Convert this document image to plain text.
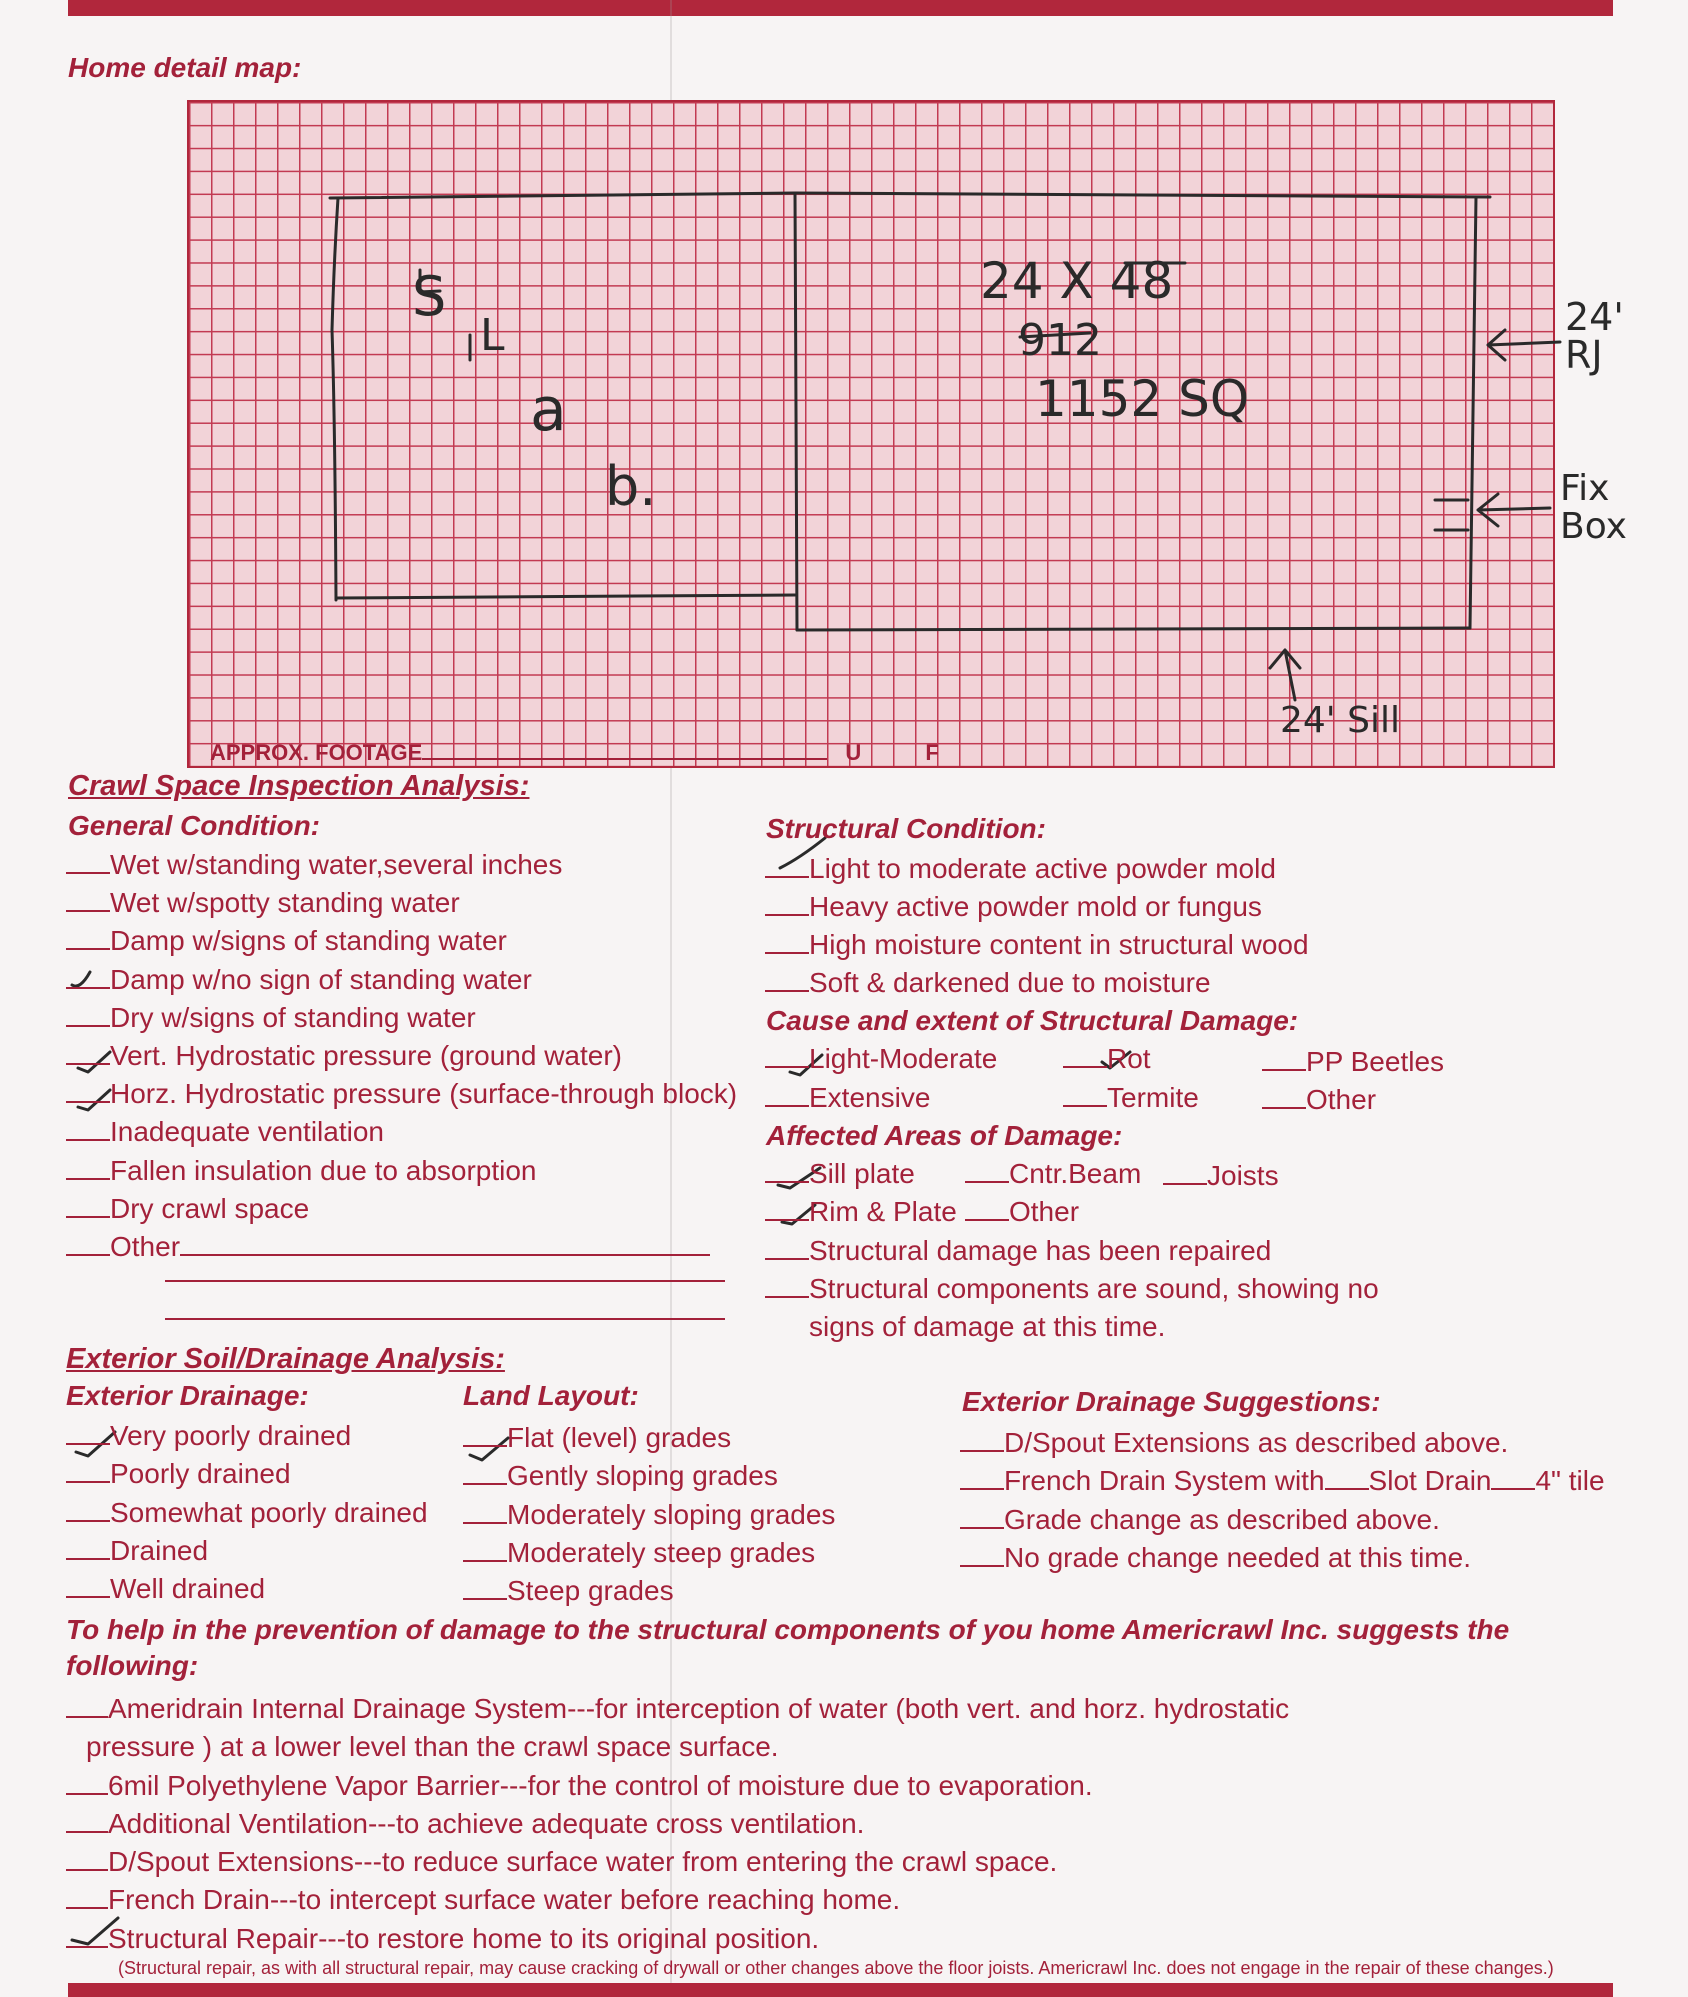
Home detail map:
24 X 48
912
1152 SQ
24' RJ
Fix Box
24' Sill
S
L
a
b.
APPROX. FOOTAGE	U	F
Crawl Space Inspection Analysis:
General Condition:
Wet w/standing water,several inches
Wet w/spotty standing water
Damp w/signs of standing water
Damp w/no sign of standing water
Dry w/signs of standing water
Vert. Hydrostatic pressure (ground water)
Horz. Hydrostatic pressure (surface-through block)
Inadequate ventilation
Fallen insulation due to absorption
Dry crawl space
Other
Structural Condition:
Light to moderate active powder mold
Heavy active powder mold or fungus
High moisture content in structural wood
Soft & darkened due to moisture
Cause and extent of Structural Damage:
Light-Moderate	Rot	PP Beetles
Extensive	Termite	Other
Affected Areas of Damage:
Sill plate	Cntr.Beam	Joists
Rim & Plate	Other
Structural damage has been repaired
Structural components are sound, showing no
signs of damage at this time.
Exterior Soil/Drainage Analysis:
Exterior Drainage:
Very poorly drained
Poorly drained
Somewhat poorly drained
Drained
Well drained
Land Layout:
Flat (level) grades
Gently sloping grades
Moderately sloping grades
Moderately steep grades
Steep grades
Exterior Drainage Suggestions:
D/Spout Extensions as described above.
French Drain System with Slot Drain 4" tile
Grade change as described above.
No grade change needed at this time.
To help in the prevention of damage to the structural components of you home Americrawl Inc. suggests the
following:
Ameridrain Internal Drainage System---for interception of water (both vert. and horz. hydrostatic
pressure ) at a lower level than the crawl space surface.
6mil Polyethylene Vapor Barrier---for the control of moisture due to evaporation.
Additional Ventilation---to achieve adequate cross ventilation.
D/Spout Extensions---to reduce surface water from entering the crawl space.
French Drain---to intercept surface water before reaching home.
Structural Repair---to restore home to its original position.
(Structural repair, as with all structural repair, may cause cracking of drywall or other changes above the floor joists. Americrawl Inc. does not engage in the repair of these changes.)
